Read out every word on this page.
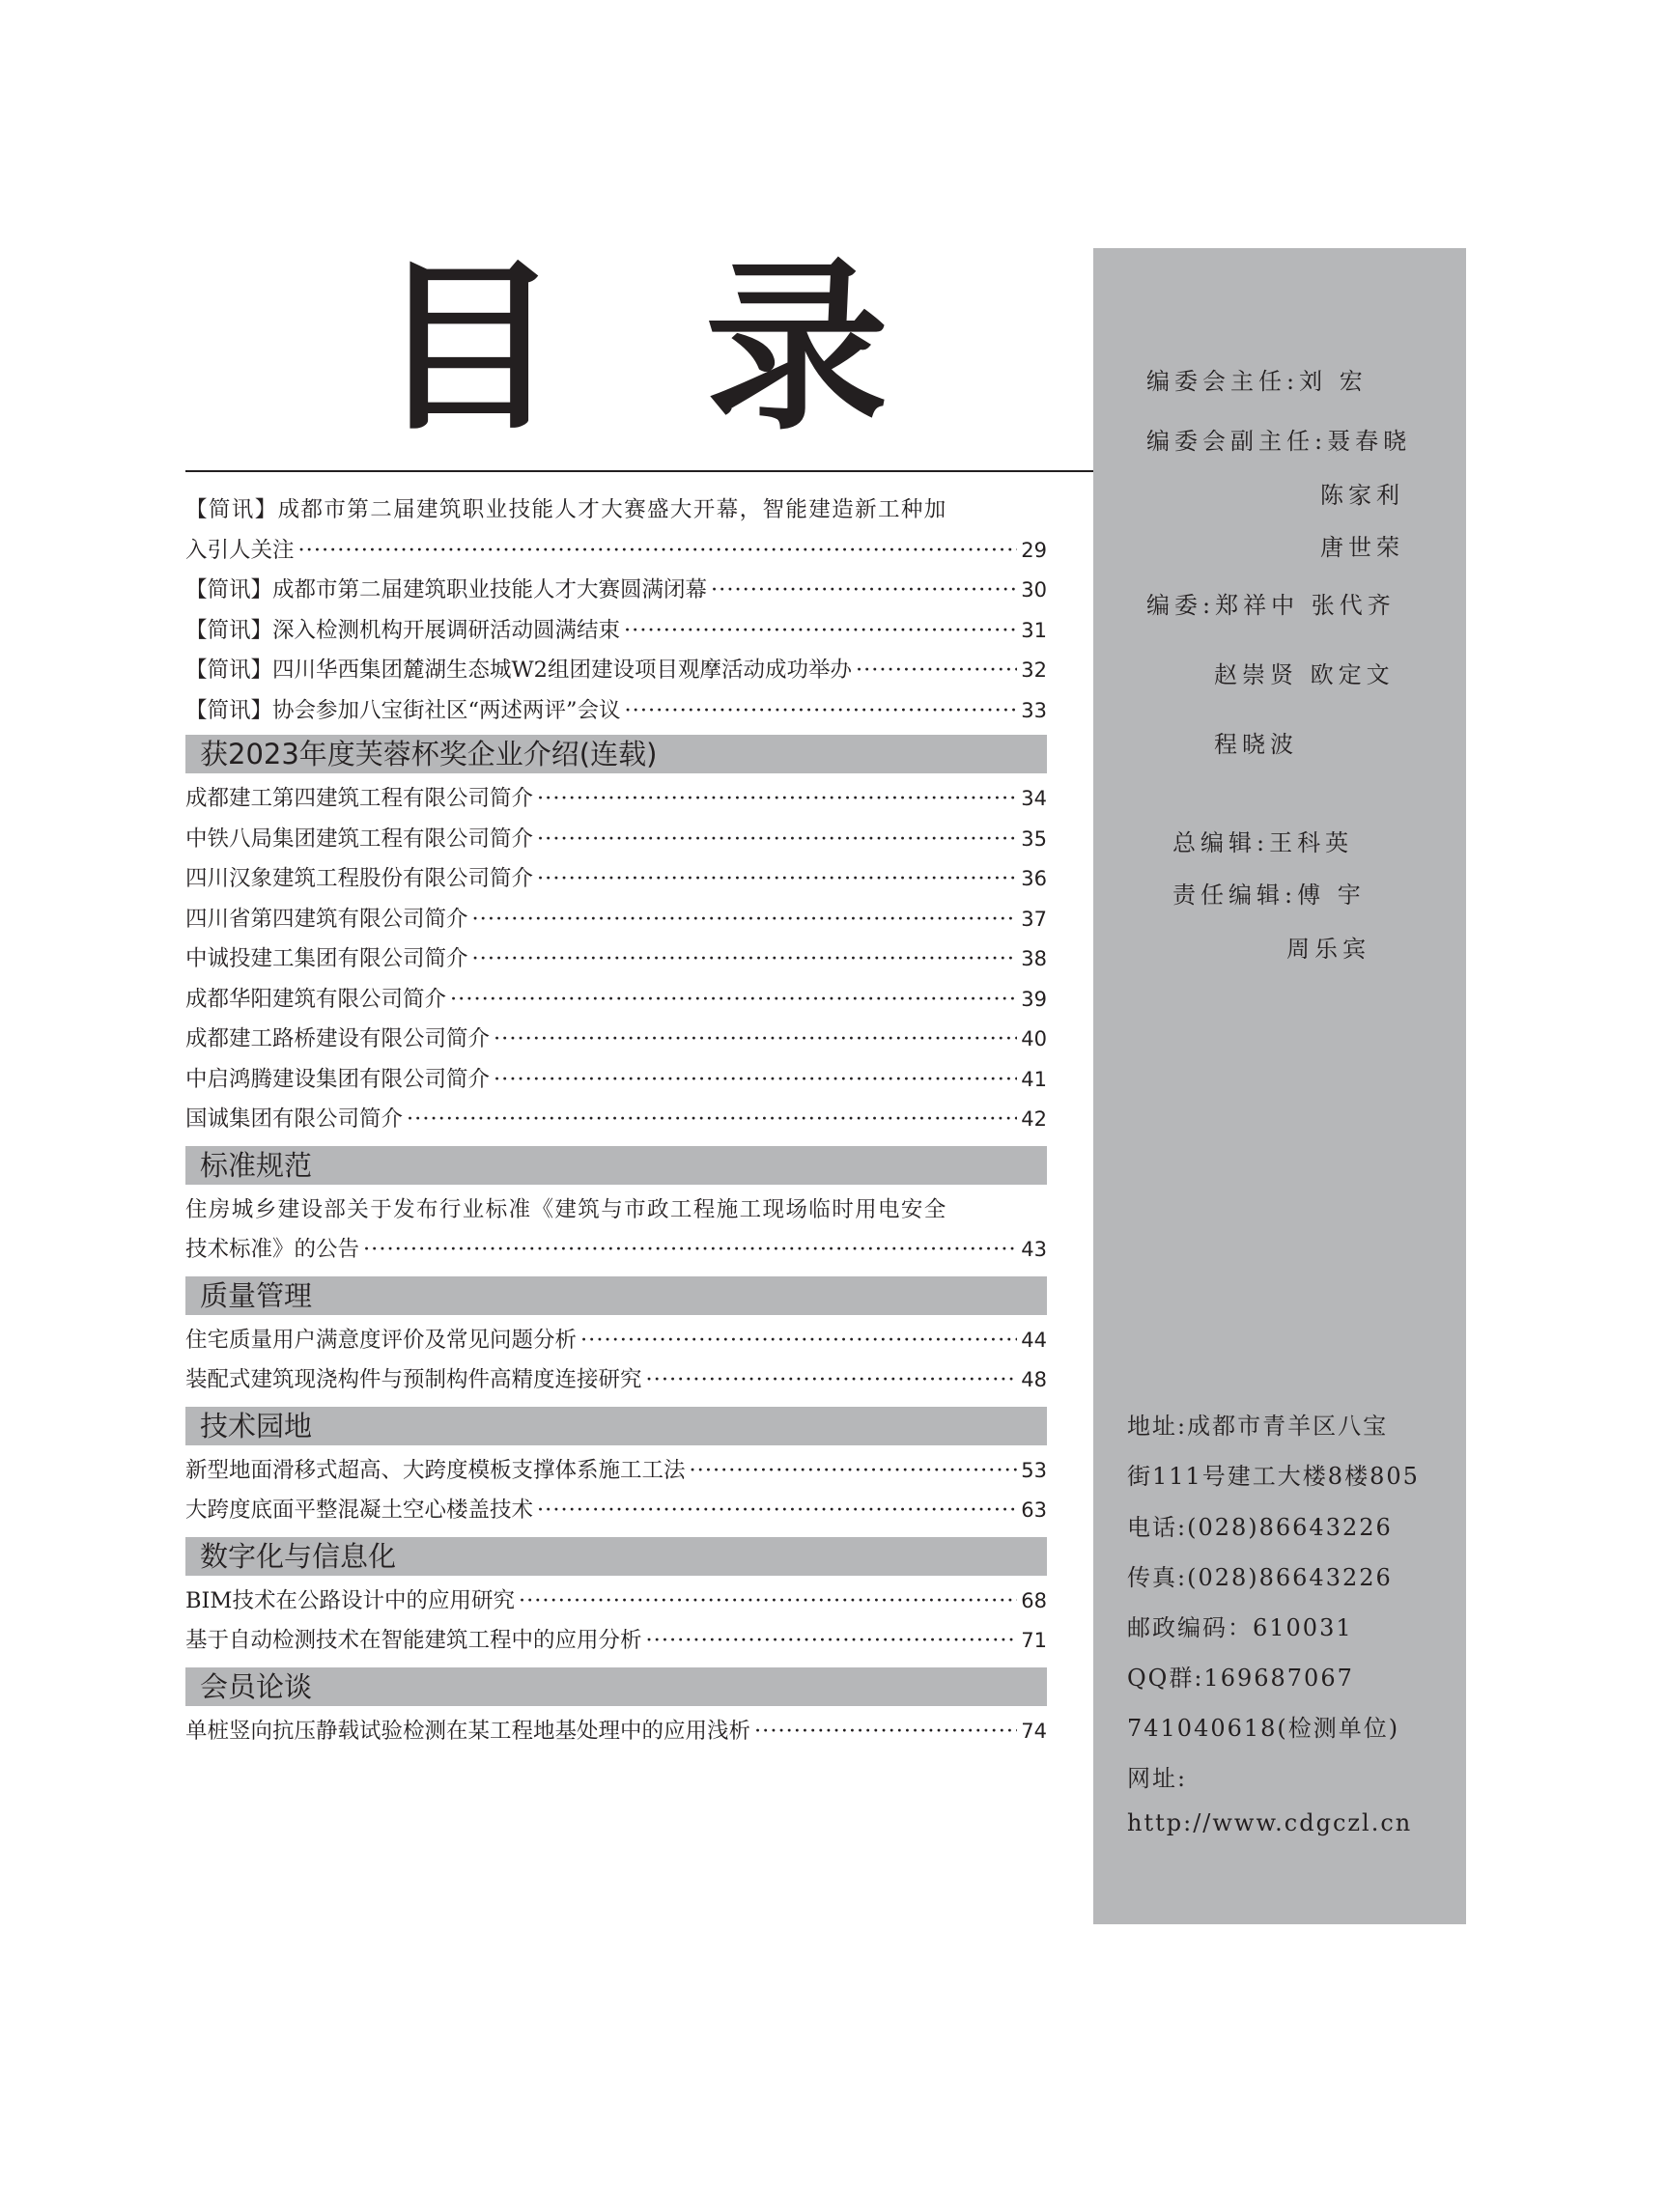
目 录
【简讯】成都市第二届建筑职业技能人才大赛盛大开幕，智能建造新工种加
入引人关注 ·····	29
【简讯】成都市第二届建筑职业技能人才大赛圆满闭幕 ·····	30
【简讯】深入检测机构开展调研活动圆满结束 ·····	31
【简讯】四川华西集团麓湖生态城W2组团建设项目观摩活动成功举办 ·····	32
【简讯】协会参加八宝街社区“两述两评”会议 ·····	33
获2023年度芙蓉杯奖企业介绍(连载)
成都建工第四建筑工程有限公司简介 ·····	34
中铁八局集团建筑工程有限公司简介 ·····	35
四川汉象建筑工程股份有限公司简介 ·····	36
四川省第四建筑有限公司简介 ·····	37
中诚投建工集团有限公司简介 ·····	38
成都华阳建筑有限公司简介 ·····	39
成都建工路桥建设有限公司简介 ·····	40
中启鸿腾建设集团有限公司简介 ·····	41
国诚集团有限公司简介 ·····	42
标准规范
住房城乡建设部关于发布行业标准《建筑与市政工程施工现场临时用电安全
技术标准》的公告 ·····	43
质量管理
住宅质量用户满意度评价及常见问题分析 ·····	44
装配式建筑现浇构件与预制构件高精度连接研究 ·····	48
技术园地
新型地面滑移式超高、大跨度模板支撑体系施工工法 ·····	53
大跨度底面平整混凝土空心楼盖技术 ·····	63
数字化与信息化
BIM技术在公路设计中的应用研究 ·····	68
基于自动检测技术在智能建筑工程中的应用分析 ·····	71
会员论谈
单桩竖向抗压静载试验检测在某工程地基处理中的应用浅析 ·····	74
编委会主任:刘 宏
编委会副主任:聂春晓
陈家利
唐世荣
编委:郑祥中 张代齐
赵崇贤 欧定文
程晓波
总编辑:王科英
责任编辑:傅 宇
周乐宾
地址:成都市青羊区八宝
街111号建工大楼8楼805
电话:(028)86643226
传真:(028)86643226
邮政编码：610031
QQ群:169687067
741040618(检测单位)
网址:
http://www.cdgczl.cn
